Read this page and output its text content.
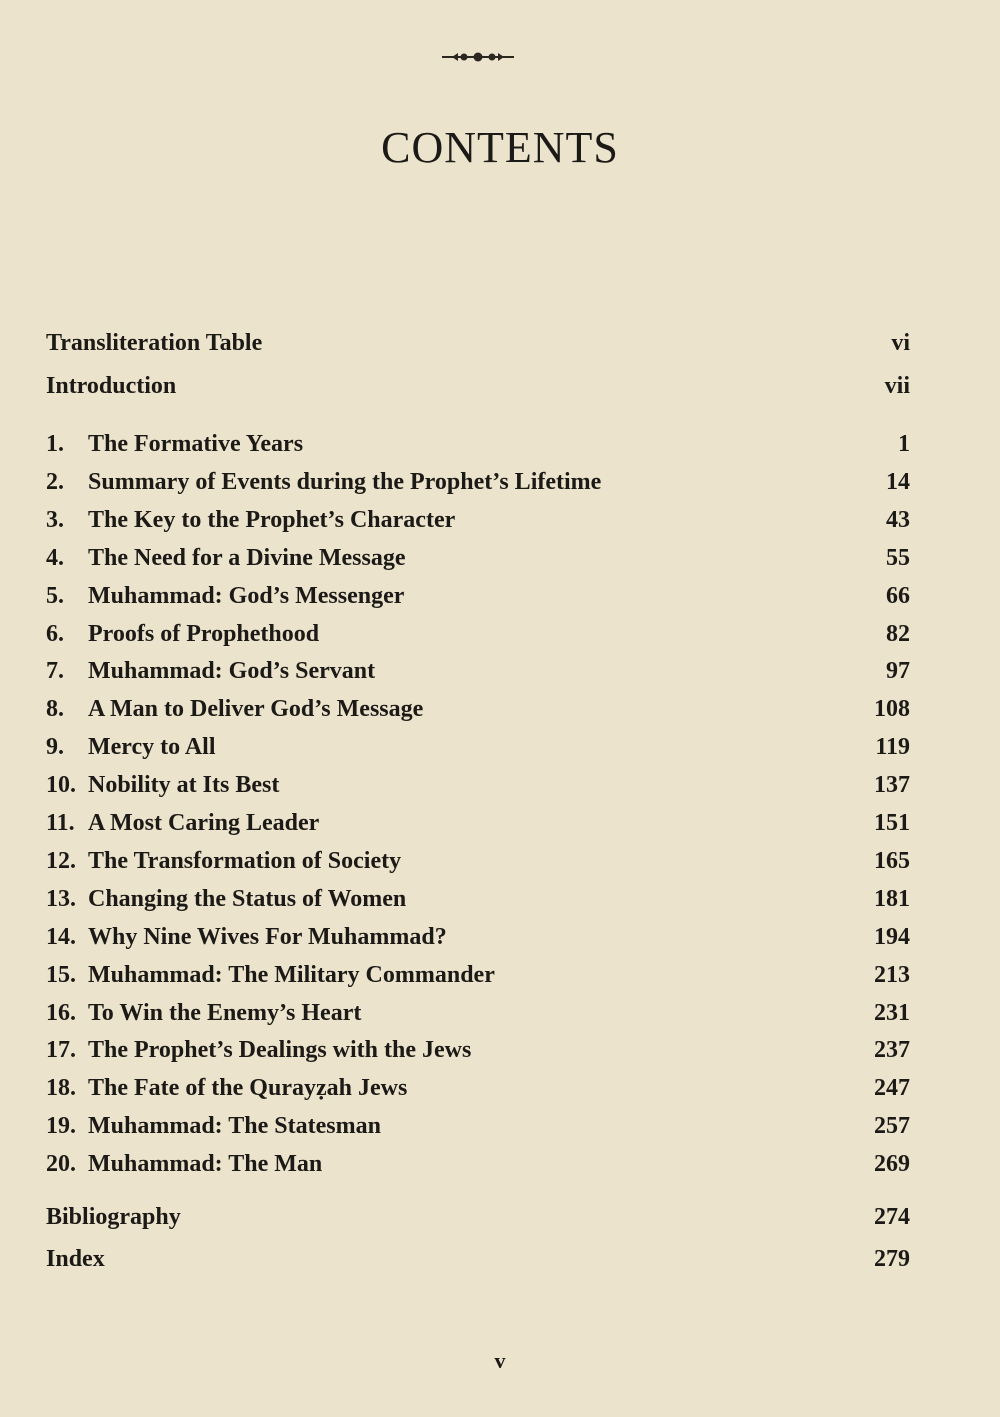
CONTENTS
Transliteration Table	vi
Introduction	vii
1.	The Formative Years	1
2.	Summary of Events during the Prophet’s Lifetime	14
3.	The Key to the Prophet’s Character	43
4.	The Need for a Divine Message	55
5.	Muhammad: God’s Messenger	66
6.	Proofs of Prophethood	82
7.	Muhammad: God’s Servant	97
8.	A Man to Deliver God’s Message	108
9.	Mercy to All	119
10. Nobility at Its Best	137
11. A Most Caring Leader	151
12. The Transformation of Society	165
13. Changing the Status of Women	181
14. Why Nine Wives For Muhammad?	194
15. Muhammad: The Military Commander	213
16. To Win the Enemy’s Heart	231
17. The Prophet’s Dealings with the Jews	237
18. The Fate of the Qurayẓah Jews	247
19. Muhammad: The Statesman	257
20. Muhammad: The Man	269
Bibliography	274
Index	279
v
